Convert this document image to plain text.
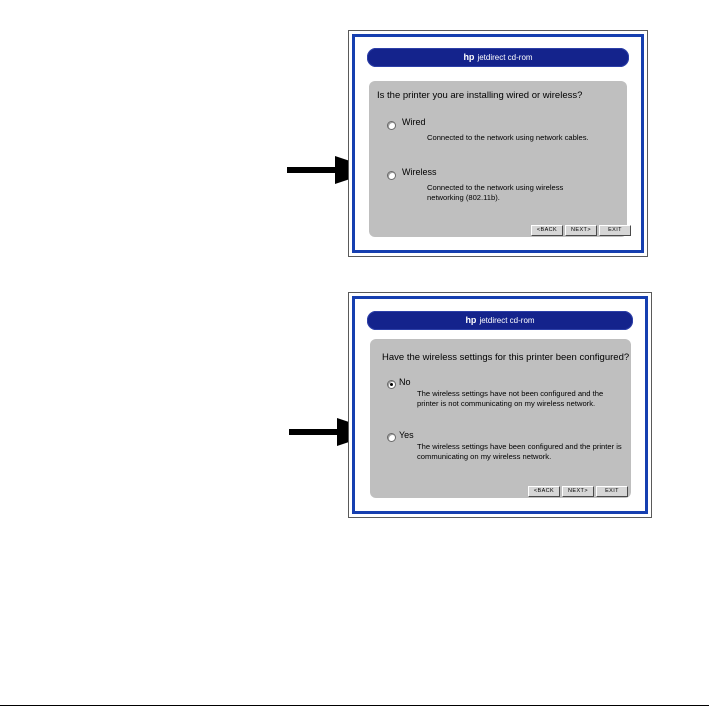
hp jetdirect cd-rom
Is the printer you are installing wired or wireless?
Wired
Connected to the network using network cables.
Wireless
Connected to the network using wireless networking (802.11b).
<BACK	NEXT>	EXIT
hp jetdirect cd-rom
Have the wireless settings for this printer been configured?
No
The wireless settings have not been configured and the printer is not communicating on my wireless network.
Yes
The wireless settings have been configured and the printer is communicating on my wireless network.
<BACK	NEXT>	EXIT
